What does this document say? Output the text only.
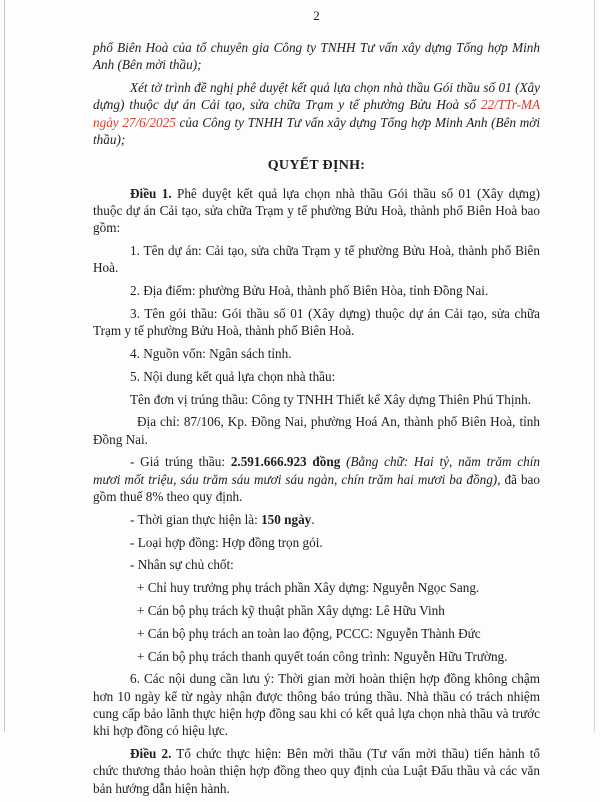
2

phố Biên Hoà của tổ chuyên gia Công ty TNHH Tư vấn xây dựng Tổng hợp Minh Anh (Bên mời thầu);

Xét tờ trình đề nghị phê duyệt kết quả lựa chọn nhà thầu Gói thầu số 01 (Xây dựng) thuộc dự án Cải tạo, sửa chữa Trạm y tế phường Bửu Hoà số 22/TTr-MA ngày 27/6/2025 của Công ty TNHH Tư vấn xây dựng Tổng hợp Minh Anh (Bên mời thầu);

QUYẾT ĐỊNH:

Điều 1. Phê duyệt kết quả lựa chọn nhà thầu Gói thầu số 01 (Xây dựng) thuộc dự án Cải tạo, sửa chữa Trạm y tế phường Bửu Hoà, thành phố Biên Hoà bao gồm:

1. Tên dự án: Cải tạo, sửa chữa Trạm y tế phường Bửu Hoà, thành phố Biên Hoà.

2. Địa điểm: phường Bửu Hoà, thành phố Biên Hòa, tỉnh Đồng Nai.

3. Tên gói thầu: Gói thầu số 01 (Xây dựng) thuộc dự án Cải tạo, sửa chữa Trạm y tế phường Bửu Hoà, thành phố Biên Hoà.

4. Nguồn vốn: Ngân sách tỉnh.

5. Nội dung kết quả lựa chọn nhà thầu:

Tên đơn vị trúng thầu: Công ty TNHH Thiết kế Xây dựng Thiên Phú Thịnh.

Địa chỉ: 87/106, Kp. Đồng Nai, phường Hoá An, thành phố Biên Hoà, tỉnh Đồng Nai.

- Giá trúng thầu: 2.591.666.923 đồng (Bằng chữ: Hai tỷ, năm trăm chín mươi mốt triệu, sáu trăm sáu mươi sáu ngàn, chín trăm hai mươi ba đồng), đã bao gồm thuế 8% theo quy định.

- Thời gian thực hiện là: 150 ngày.

- Loại hợp đồng: Hợp đồng trọn gói.

- Nhân sự chủ chốt:

+ Chỉ huy trưởng phụ trách phần Xây dựng: Nguyễn Ngọc Sang.

+ Cán bộ phụ trách kỹ thuật phần Xây dựng: Lê Hữu Vinh

+ Cán bộ phụ trách an toàn lao động, PCCC: Nguyễn Thành Đức

+ Cán bộ phụ trách thanh quyết toán công trình: Nguyễn Hữu Trường.

6. Các nội dung cần lưu ý: Thời gian mời hoàn thiện hợp đồng không chậm hơn 10 ngày kể từ ngày nhận được thông báo trúng thầu. Nhà thầu có trách nhiệm cung cấp bảo lãnh thực hiện hợp đồng sau khi có kết quả lựa chọn nhà thầu và trước khi hợp đồng có hiệu lực.

Điều 2. Tổ chức thực hiện: Bên mời thầu (Tư vấn mời thầu) tiến hành tổ chức thương thảo hoàn thiện hợp đồng theo quy định của Luật Đấu thầu và các văn bản hướng dẫn hiện hành.
